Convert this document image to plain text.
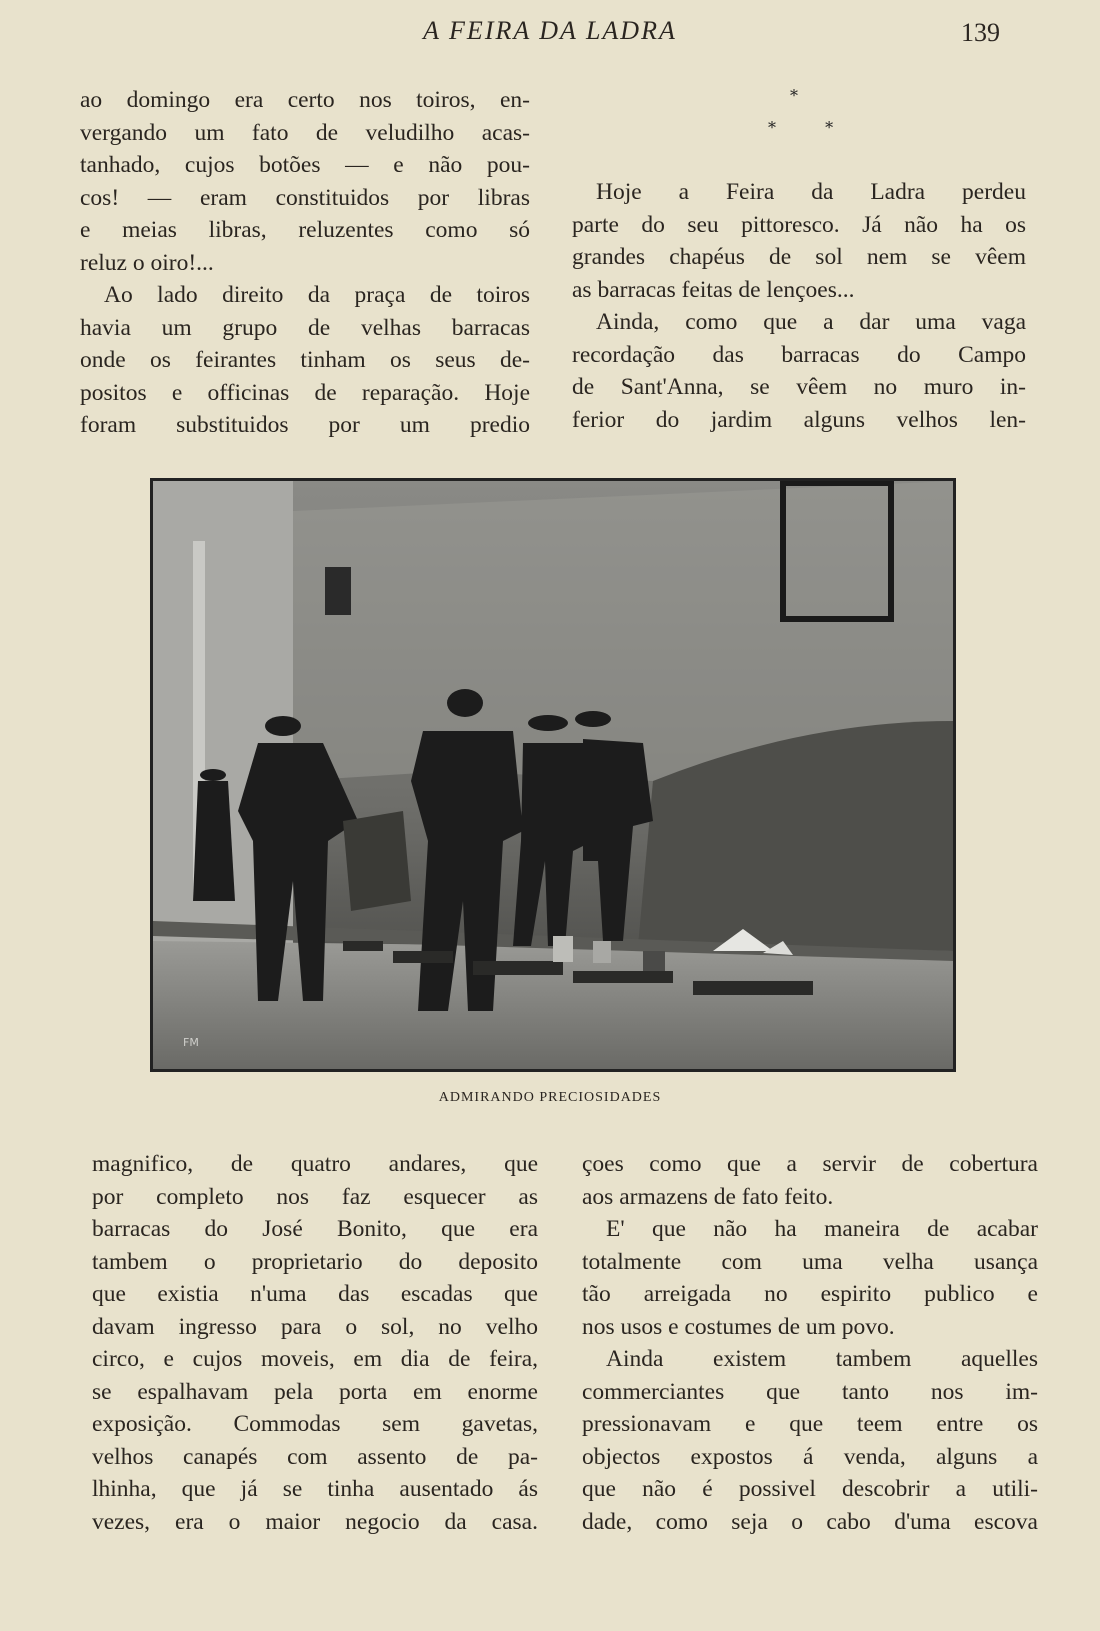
A FEIRA DA LADRA	139
ao domingo era certo nos toiros, en-
vergando um fato de veludilho acas-
tanhado, cujos botões — e não pou-
cos! — eram constituidos por libras
e meias libras, reluzentes como só
reluz o oiro!...
Ao lado direito da praça de toiros
havia um grupo de velhas barracas
onde os feirantes tinham os seus de-
positos e officinas de reparação. Hoje
foram substituidos por um predio
*
* *
Hoje a Feira da Ladra perdeu
parte do seu pittoresco. Já não ha os
grandes chapéus de sol nem se vêem
as barracas feitas de lençoes...
Ainda, como que a dar uma vaga
recordação das barracas do Campo
de Sant'Anna, se vêem no muro in-
ferior do jardim alguns velhos len-
FM
ADMIRANDO PRECIOSIDADES
magnifico, de quatro andares, que
por completo nos faz esquecer as
barracas do José Bonito, que era
tambem o proprietario do deposito
que existia n'uma das escadas que
davam ingresso para o sol, no velho
circo, e cujos moveis, em dia de feira,
se espalhavam pela porta em enorme
exposição. Commodas sem gavetas,
velhos canapés com assento de pa-
lhinha, que já se tinha ausentado ás
vezes, era o maior negocio da casa.
çoes como que a servir de cobertura
aos armazens de fato feito.
E' que não ha maneira de acabar
totalmente com uma velha usança
tão arreigada no espirito publico e
nos usos e costumes de um povo.
Ainda existem tambem aquelles
commerciantes que tanto nos im-
pressionavam e que teem entre os
objectos expostos á venda, alguns a
que não é possivel descobrir a utili-
dade, como seja o cabo d'uma escova
